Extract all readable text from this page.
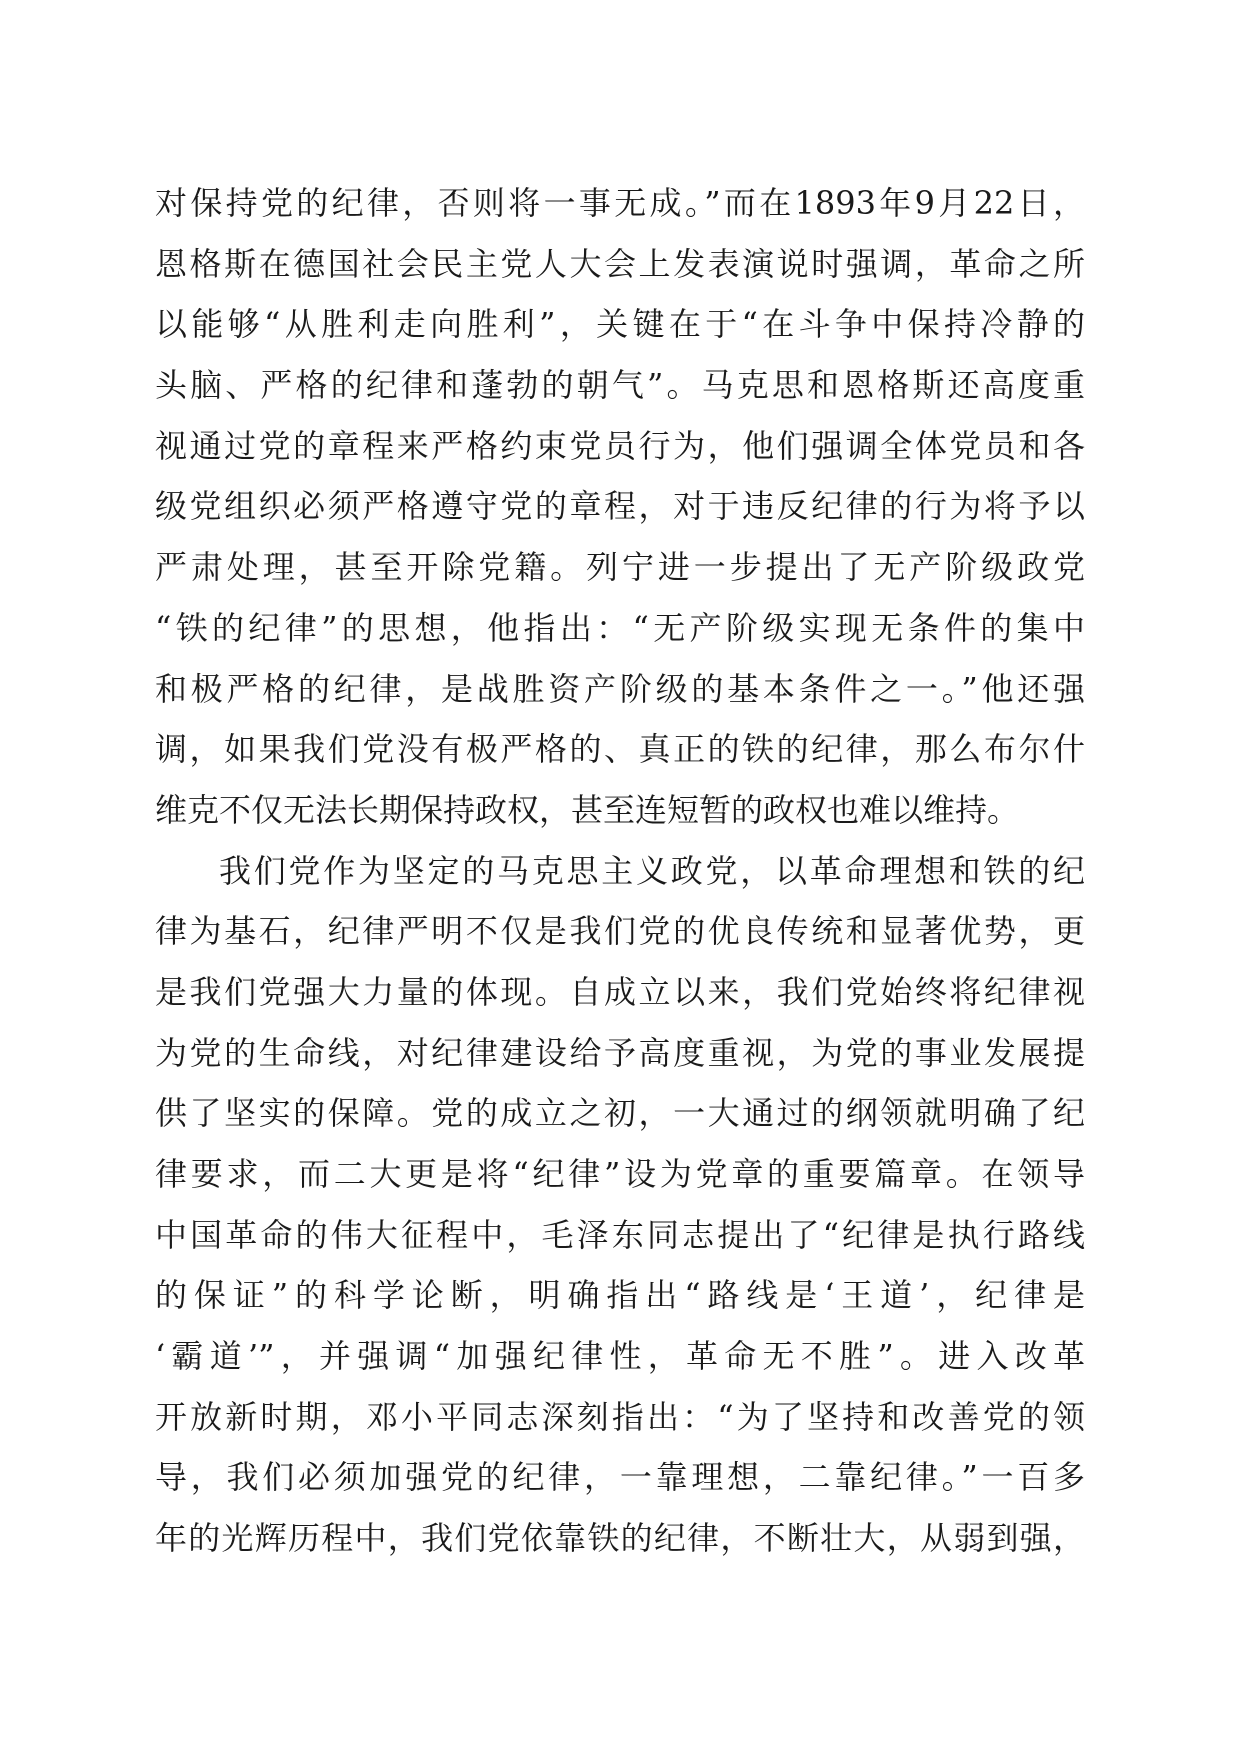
对保持党的纪律，否则将一事无成。”而在1893年9月22日，
恩格斯在德国社会民主党人大会上发表演说时强调，革命之所
以能够“从胜利走向胜利”，关键在于“在斗争中保持冷静的
头脑、严格的纪律和蓬勃的朝气”。马克思和恩格斯还高度重
视通过党的章程来严格约束党员行为，他们强调全体党员和各
级党组织必须严格遵守党的章程，对于违反纪律的行为将予以
严肃处理，甚至开除党籍。列宁进一步提出了无产阶级政党
“铁的纪律”的思想，他指出：“无产阶级实现无条件的集中
和极严格的纪律，是战胜资产阶级的基本条件之一。”他还强
调，如果我们党没有极严格的、真正的铁的纪律，那么布尔什
维克不仅无法长期保持政权，甚至连短暂的政权也难以维持。
我们党作为坚定的马克思主义政党，以革命理想和铁的纪
律为基石，纪律严明不仅是我们党的优良传统和显著优势，更
是我们党强大力量的体现。自成立以来，我们党始终将纪律视
为党的生命线，对纪律建设给予高度重视，为党的事业发展提
供了坚实的保障。党的成立之初，一大通过的纲领就明确了纪
律要求，而二大更是将“纪律”设为党章的重要篇章。在领导
中国革命的伟大征程中，毛泽东同志提出了“纪律是执行路线
的保证”的科学论断，明确指出“路线是‘王道’，纪律是
‘霸道’”，并强调“加强纪律性，革命无不胜”。进入改革
开放新时期，邓小平同志深刻指出：“为了坚持和改善党的领
导，我们必须加强党的纪律，一靠理想，二靠纪律。”一百多
年的光辉历程中，我们党依靠铁的纪律，不断壮大，从弱到强，
